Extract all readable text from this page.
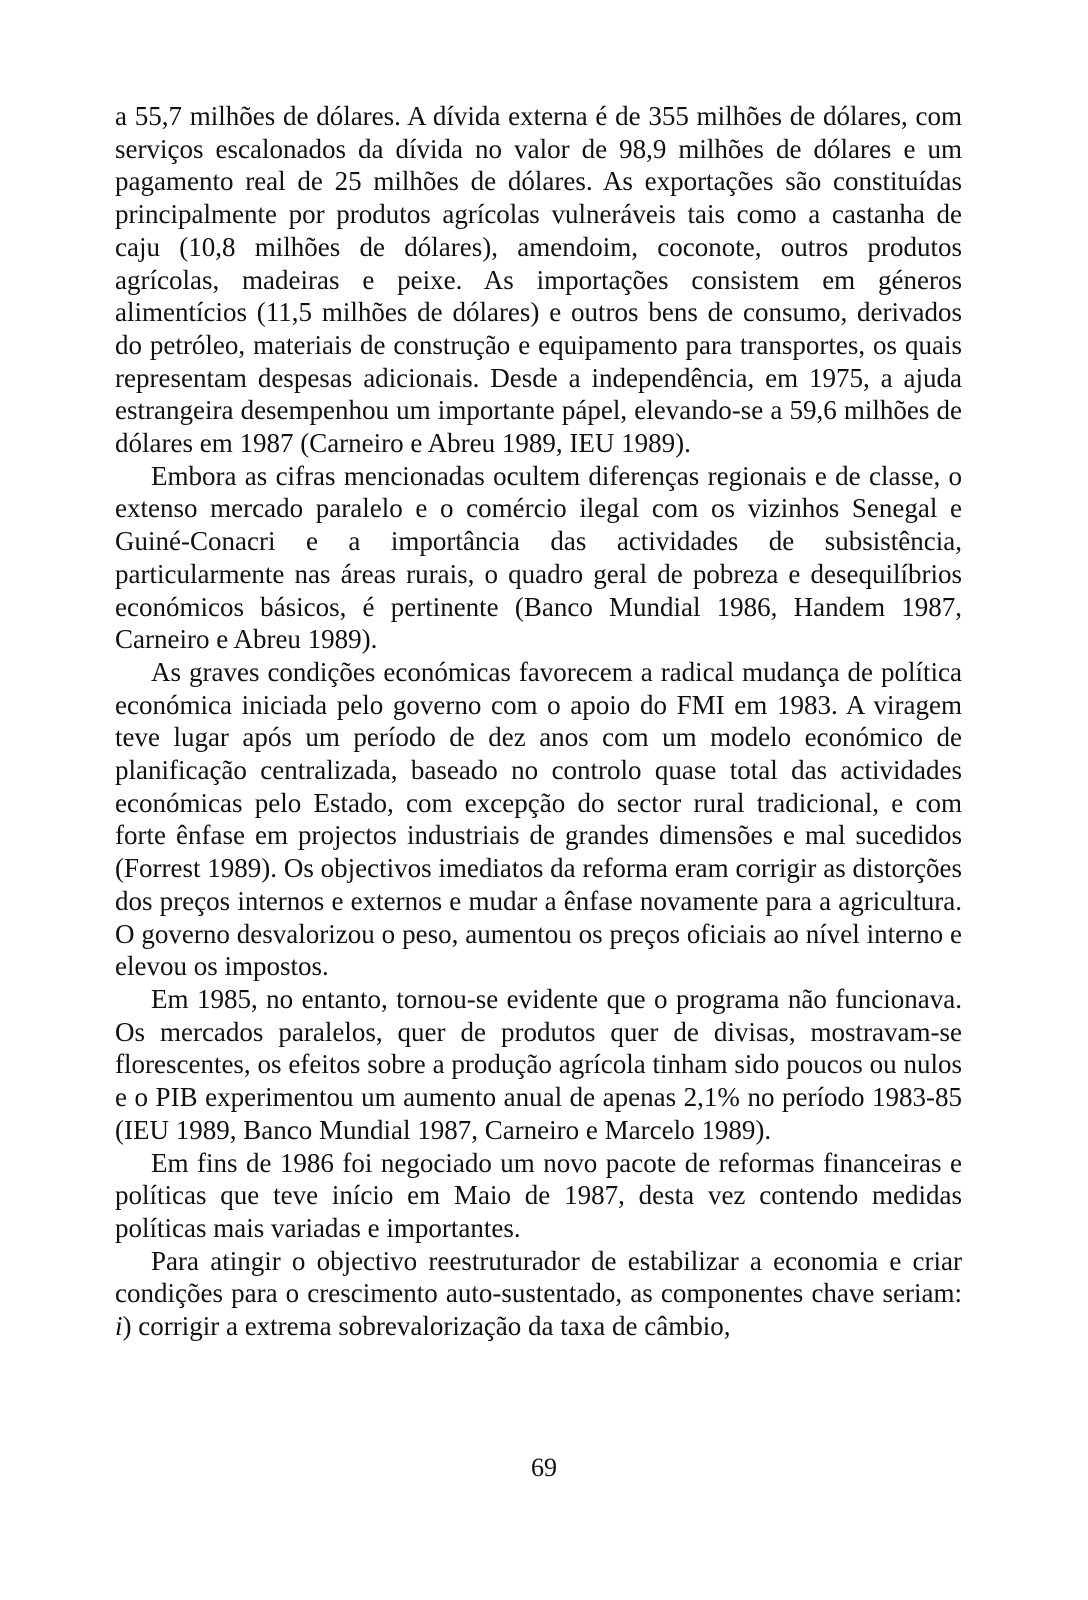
a 55,7 milhões de dólares. A dívida externa é de 355 milhões de dólares, com serviços escalonados da dívida no valor de 98,9 milhões de dólares e um pagamento real de 25 milhões de dólares. As exportações são constituídas principalmente por produtos agrícolas vulneráveis tais como a castanha de caju (10,8 milhões de dólares), amendoim, coconote, outros produtos agrícolas, madeiras e peixe. As importações consistem em géneros alimentícios (11,5 milhões de dólares) e outros bens de consumo, derivados do petróleo, materiais de construção e equipamento para transportes, os quais representam despesas adicionais. Desde a independência, em 1975, a ajuda estrangeira desempenhou um importante pápel, elevando-se a 59,6 milhões de dólares em 1987 (Carneiro e Abreu 1989, IEU 1989).

Embora as cifras mencionadas ocultem diferenças regionais e de classe, o extenso mercado paralelo e o comércio ilegal com os vizinhos Senegal e Guiné-Conacri e a importância das actividades de subsistência, particularmente nas áreas rurais, o quadro geral de pobreza e desequilíbrios económicos básicos, é pertinente (Banco Mundial 1986, Handem 1987, Carneiro e Abreu 1989).

As graves condições económicas favorecem a radical mudança de política económica iniciada pelo governo com o apoio do FMI em 1983. A viragem teve lugar após um período de dez anos com um modelo económico de planificação centralizada, baseado no controlo quase total das actividades económicas pelo Estado, com excepção do sector rural tradicional, e com forte ênfase em projectos industriais de grandes dimensões e mal sucedidos (Forrest 1989). Os objectivos imediatos da reforma eram corrigir as distorções dos preços internos e externos e mudar a ênfase novamente para a agricultura. O governo desvalorizou o peso, aumentou os preços oficiais ao nível interno e elevou os impostos.

Em 1985, no entanto, tornou-se evidente que o programa não funcionava. Os mercados paralelos, quer de produtos quer de divisas, mostravam-se florescentes, os efeitos sobre a produção agrícola tinham sido poucos ou nulos e o PIB experimentou um aumento anual de apenas 2,1% no período 1983-85 (IEU 1989, Banco Mundial 1987, Carneiro e Marcelo 1989).

Em fins de 1986 foi negociado um novo pacote de reformas financeiras e políticas que teve início em Maio de 1987, desta vez contendo medidas políticas mais variadas e importantes.

Para atingir o objectivo reestruturador de estabilizar a economia e criar condições para o crescimento auto-sustentado, as componentes chave seriam: i) corrigir a extrema sobrevalorização da taxa de câmbio,

69
